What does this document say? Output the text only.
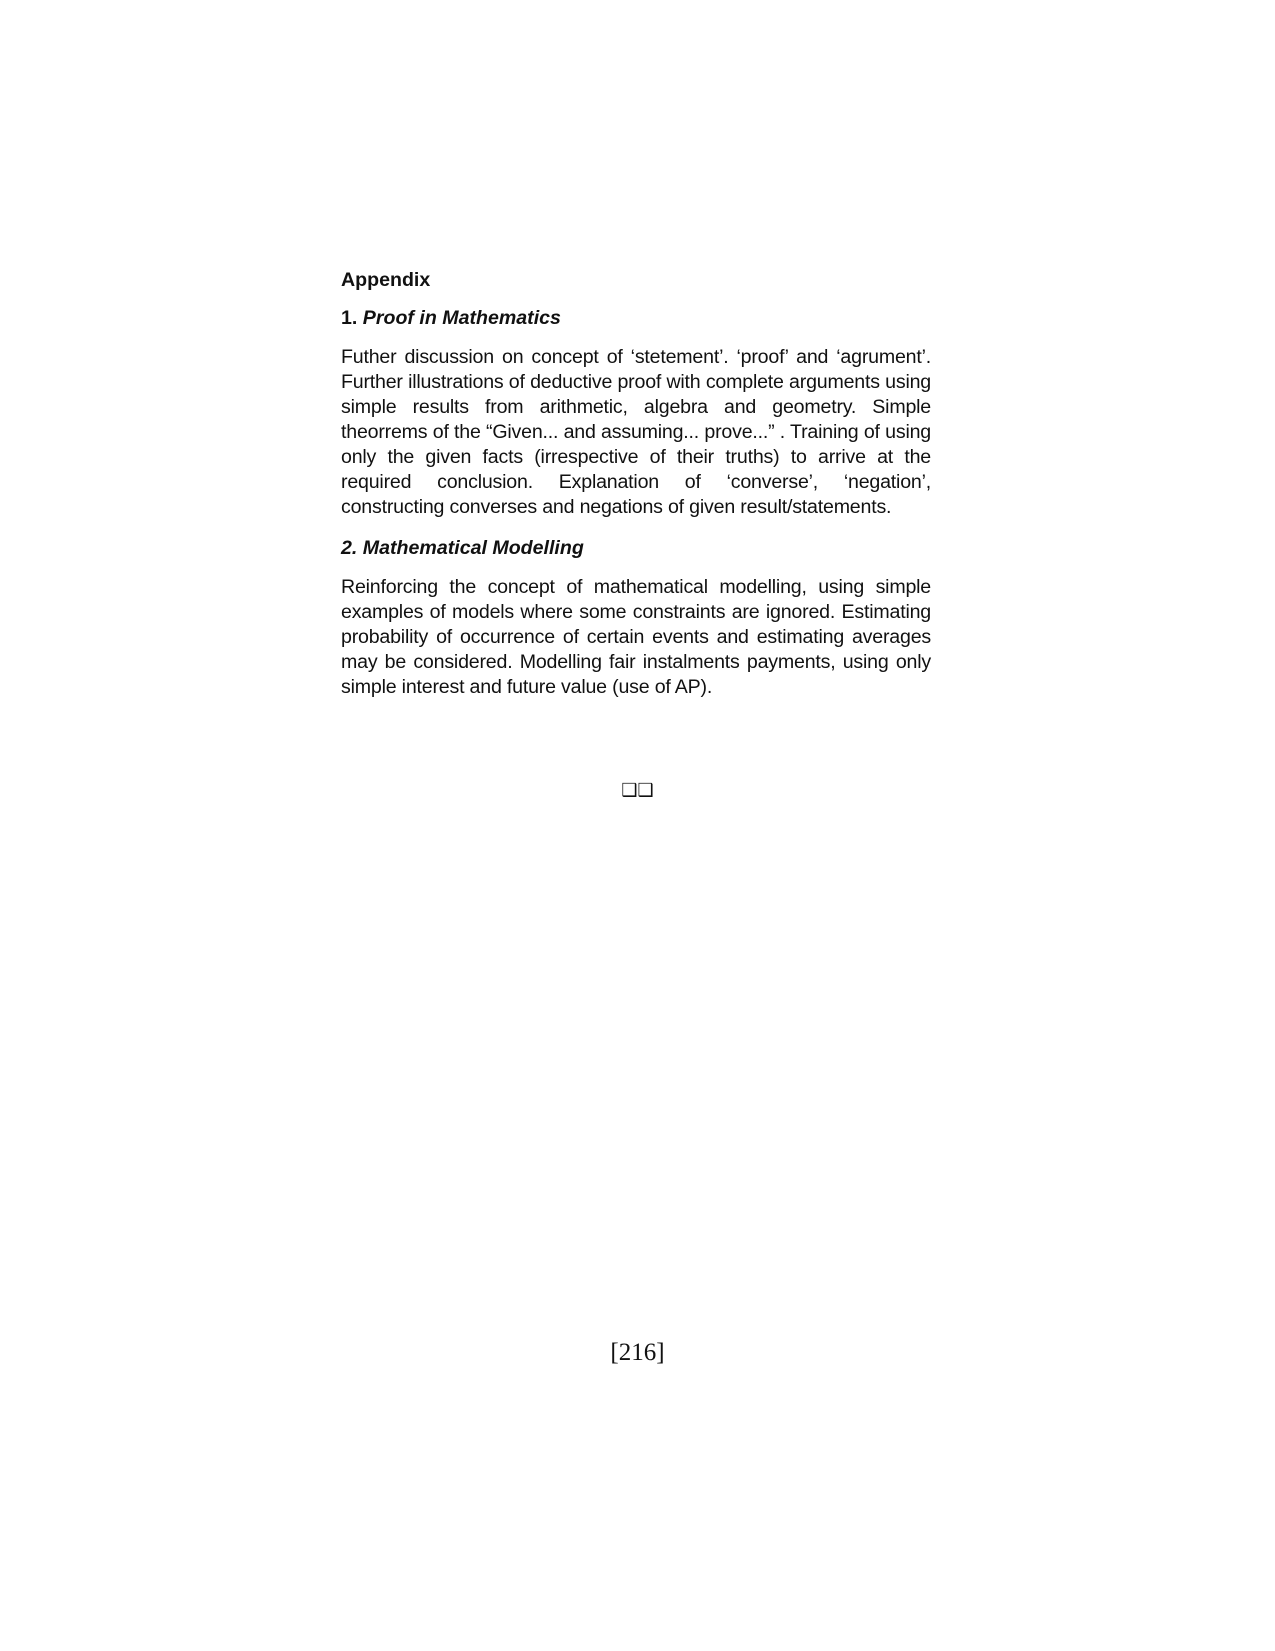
Appendix
1. Proof in Mathematics

Futher discussion on concept of ‘stetement’. ‘proof’ and ‘agrument’. Further illustrations of deductive proof with complete arguments using simple results from arithmetic, algebra and geometry. Simple theorrems of the “Given... and assuming... prove...” . Training of using only the given facts (irrespective of their truths) to arrive at the required conclusion. Explanation of ‘converse’, ‘negation’, constructing converses and negations of given result/statements.

2. Mathematical Modelling

Reinforcing the concept of mathematical modelling, using simple examples of models where some constraints are ignored. Estimating probability of occurrence of certain events and estimating averages may be considered. Modelling fair instalments payments, using only simple interest and future value (use of AP).

❑❑
[216]
